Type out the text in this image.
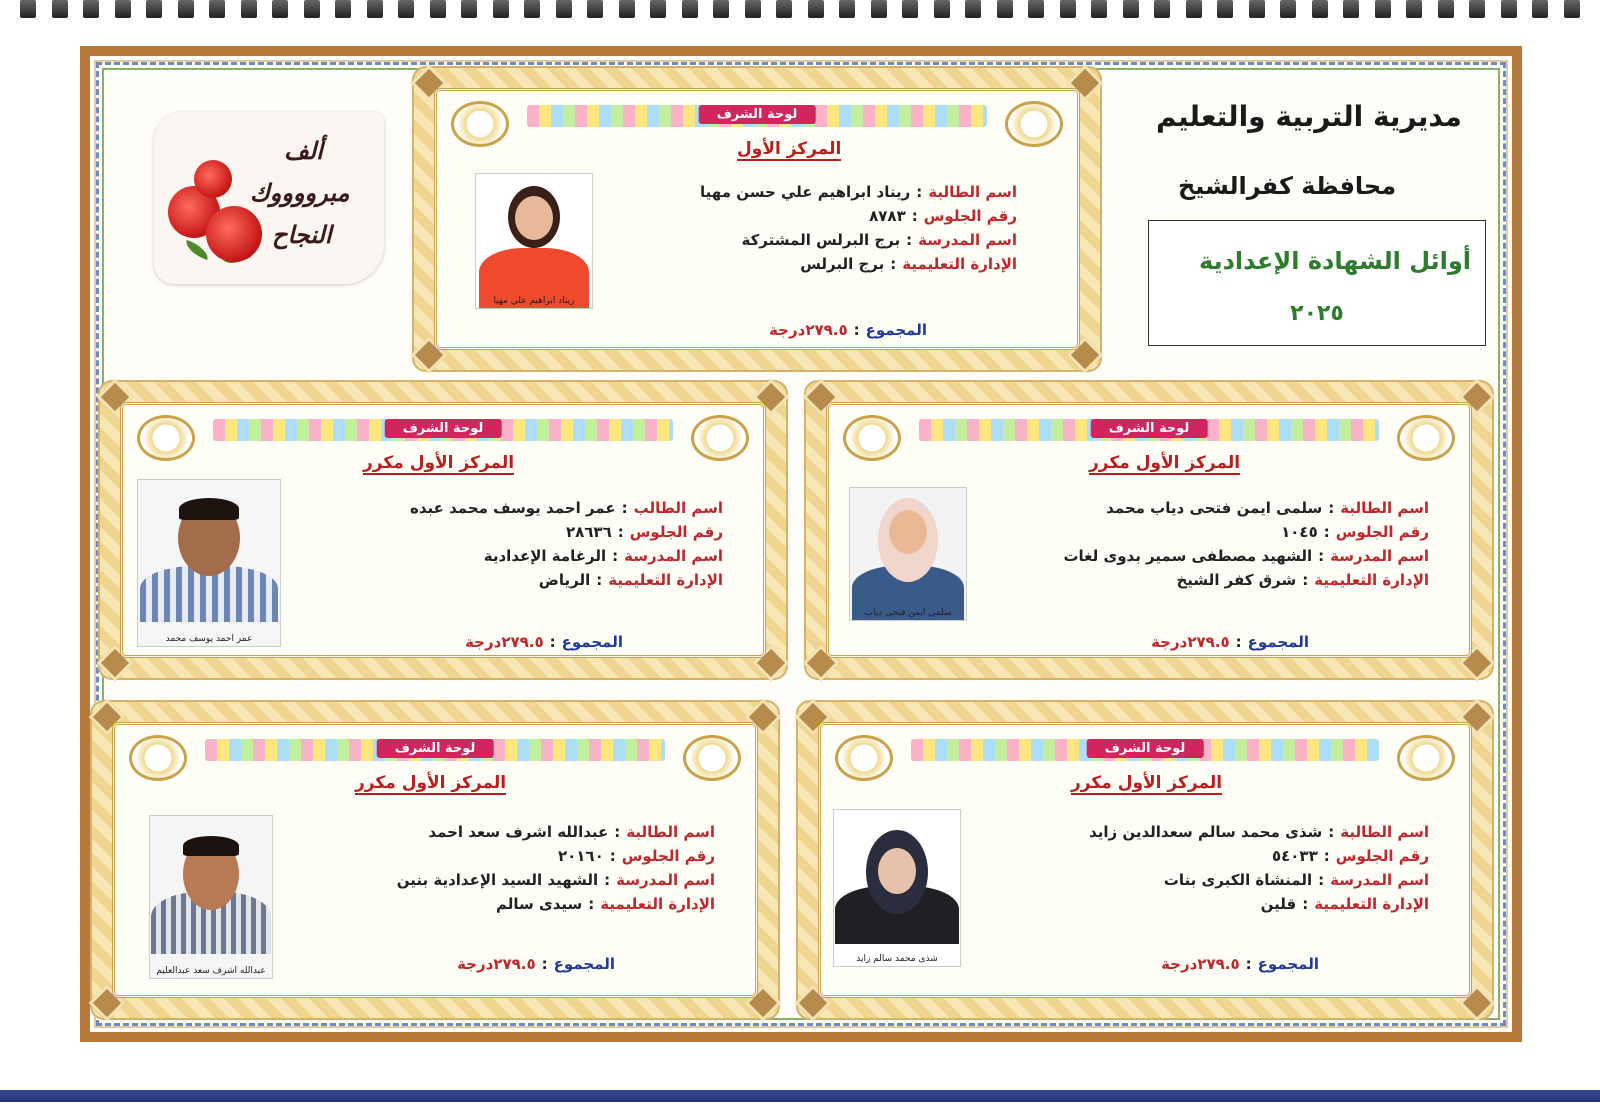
مديرية التربية والتعليم
محافظة كفرالشيخ
أوائل الشهادة الإعدادية
٢٠٢٥
ألف
مبرووووك
النجاح
لوحة الشرف
المركز الأول
ريناد ابراهيم علي مهيا
اسم الطالبة
:
ريناد ابراهيم علي حسن مهيا
رقم الجلوس
:
٨٧٨٣
اسم المدرسة
:
برج البرلس المشتركة
الإدارة التعليمية
:
برج البرلس
المجموع:٢٧٩.٥درجة
لوحة الشرف
المركز الأول مكرر
سلمى ايمن فتحى دياب
اسم الطالبة
:
سلمى ايمن فتحى دياب محمد
رقم الجلوس
:
١٠٤٥
اسم المدرسة
:
الشهيد مصطفى سمير بدوى لغات
الإدارة التعليمية
:
شرق كفر الشيخ
المجموع:٢٧٩.٥درجة
لوحة الشرف
المركز الأول مكرر
عمر احمد يوسف محمد
اسم الطالب
:
عمر احمد يوسف محمد عبده
رقم الجلوس
:
٢٨٦٣٦
اسم المدرسة
:
الرغامة الإعدادية
الإدارة التعليمية
:
الرياض
المجموع:٢٧٩.٥درجة
لوحة الشرف
المركز الأول مكرر
شذى محمد سالم زايد
اسم الطالبة
:
شذى محمد سالم سعدالدين زايد
رقم الجلوس
:
٥٤٠٣٣
اسم المدرسة
:
المنشاة الكبرى بنات
الإدارة التعليمية
:
قلين
المجموع:٢٧٩.٥درجة
لوحة الشرف
المركز الأول مكرر
عبدالله اشرف سعد عبدالعليم
اسم الطالبة
:
عبدالله اشرف سعد احمد
رقم الجلوس
:
٢٠١٦٠
اسم المدرسة
:
الشهيد السيد الإعدادية بنين
الإدارة التعليمية
:
سيدى سالم
المجموع:٢٧٩.٥درجة
